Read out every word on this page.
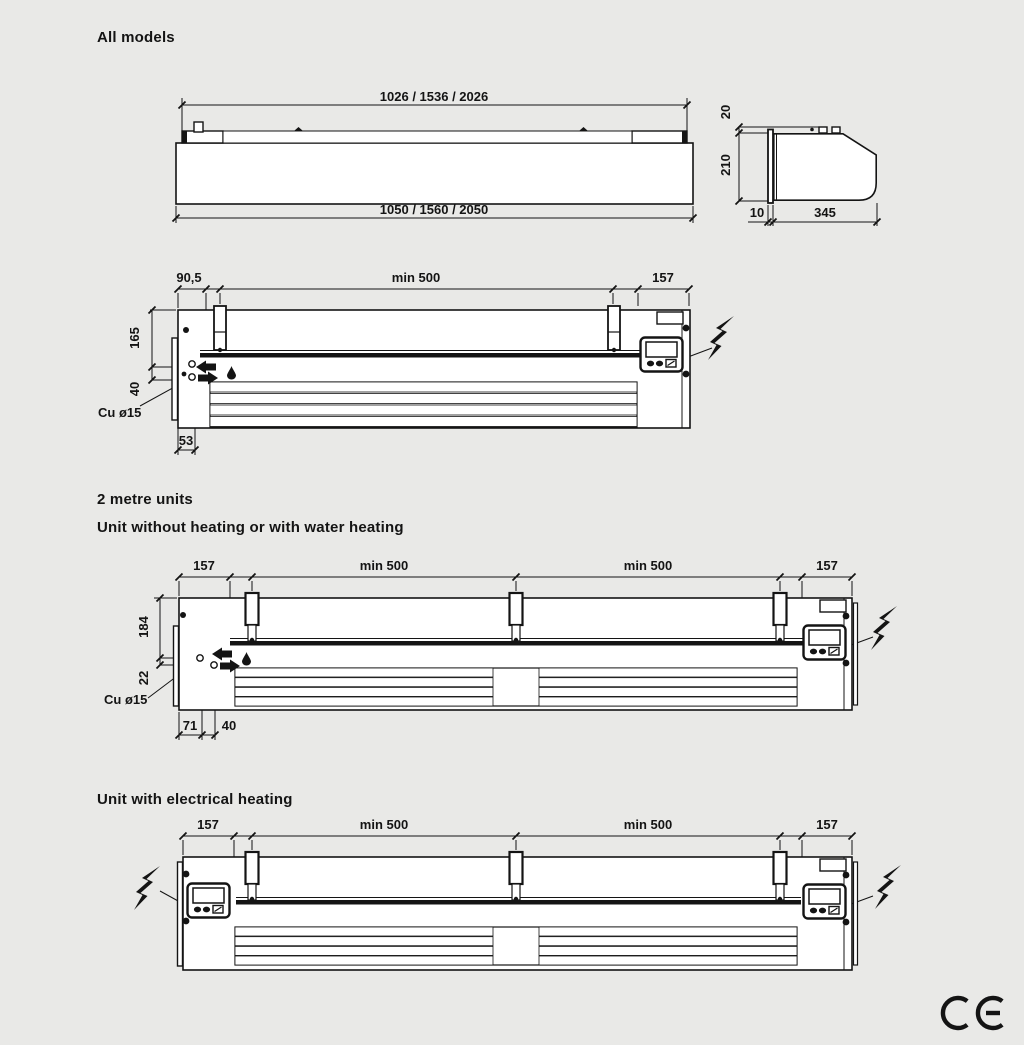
All models
1026 / 1536 / 2026
1050 / 1560 / 2050
20
210
10	345
90,5	min 500	157
165
40
53
Cu ø15
2 metre units
Unit without heating or with water heating
157	min 500	min 500	157
184
22
Cu ø15
71 40
Unit with electrical heating
157	min 500	min 500	157
